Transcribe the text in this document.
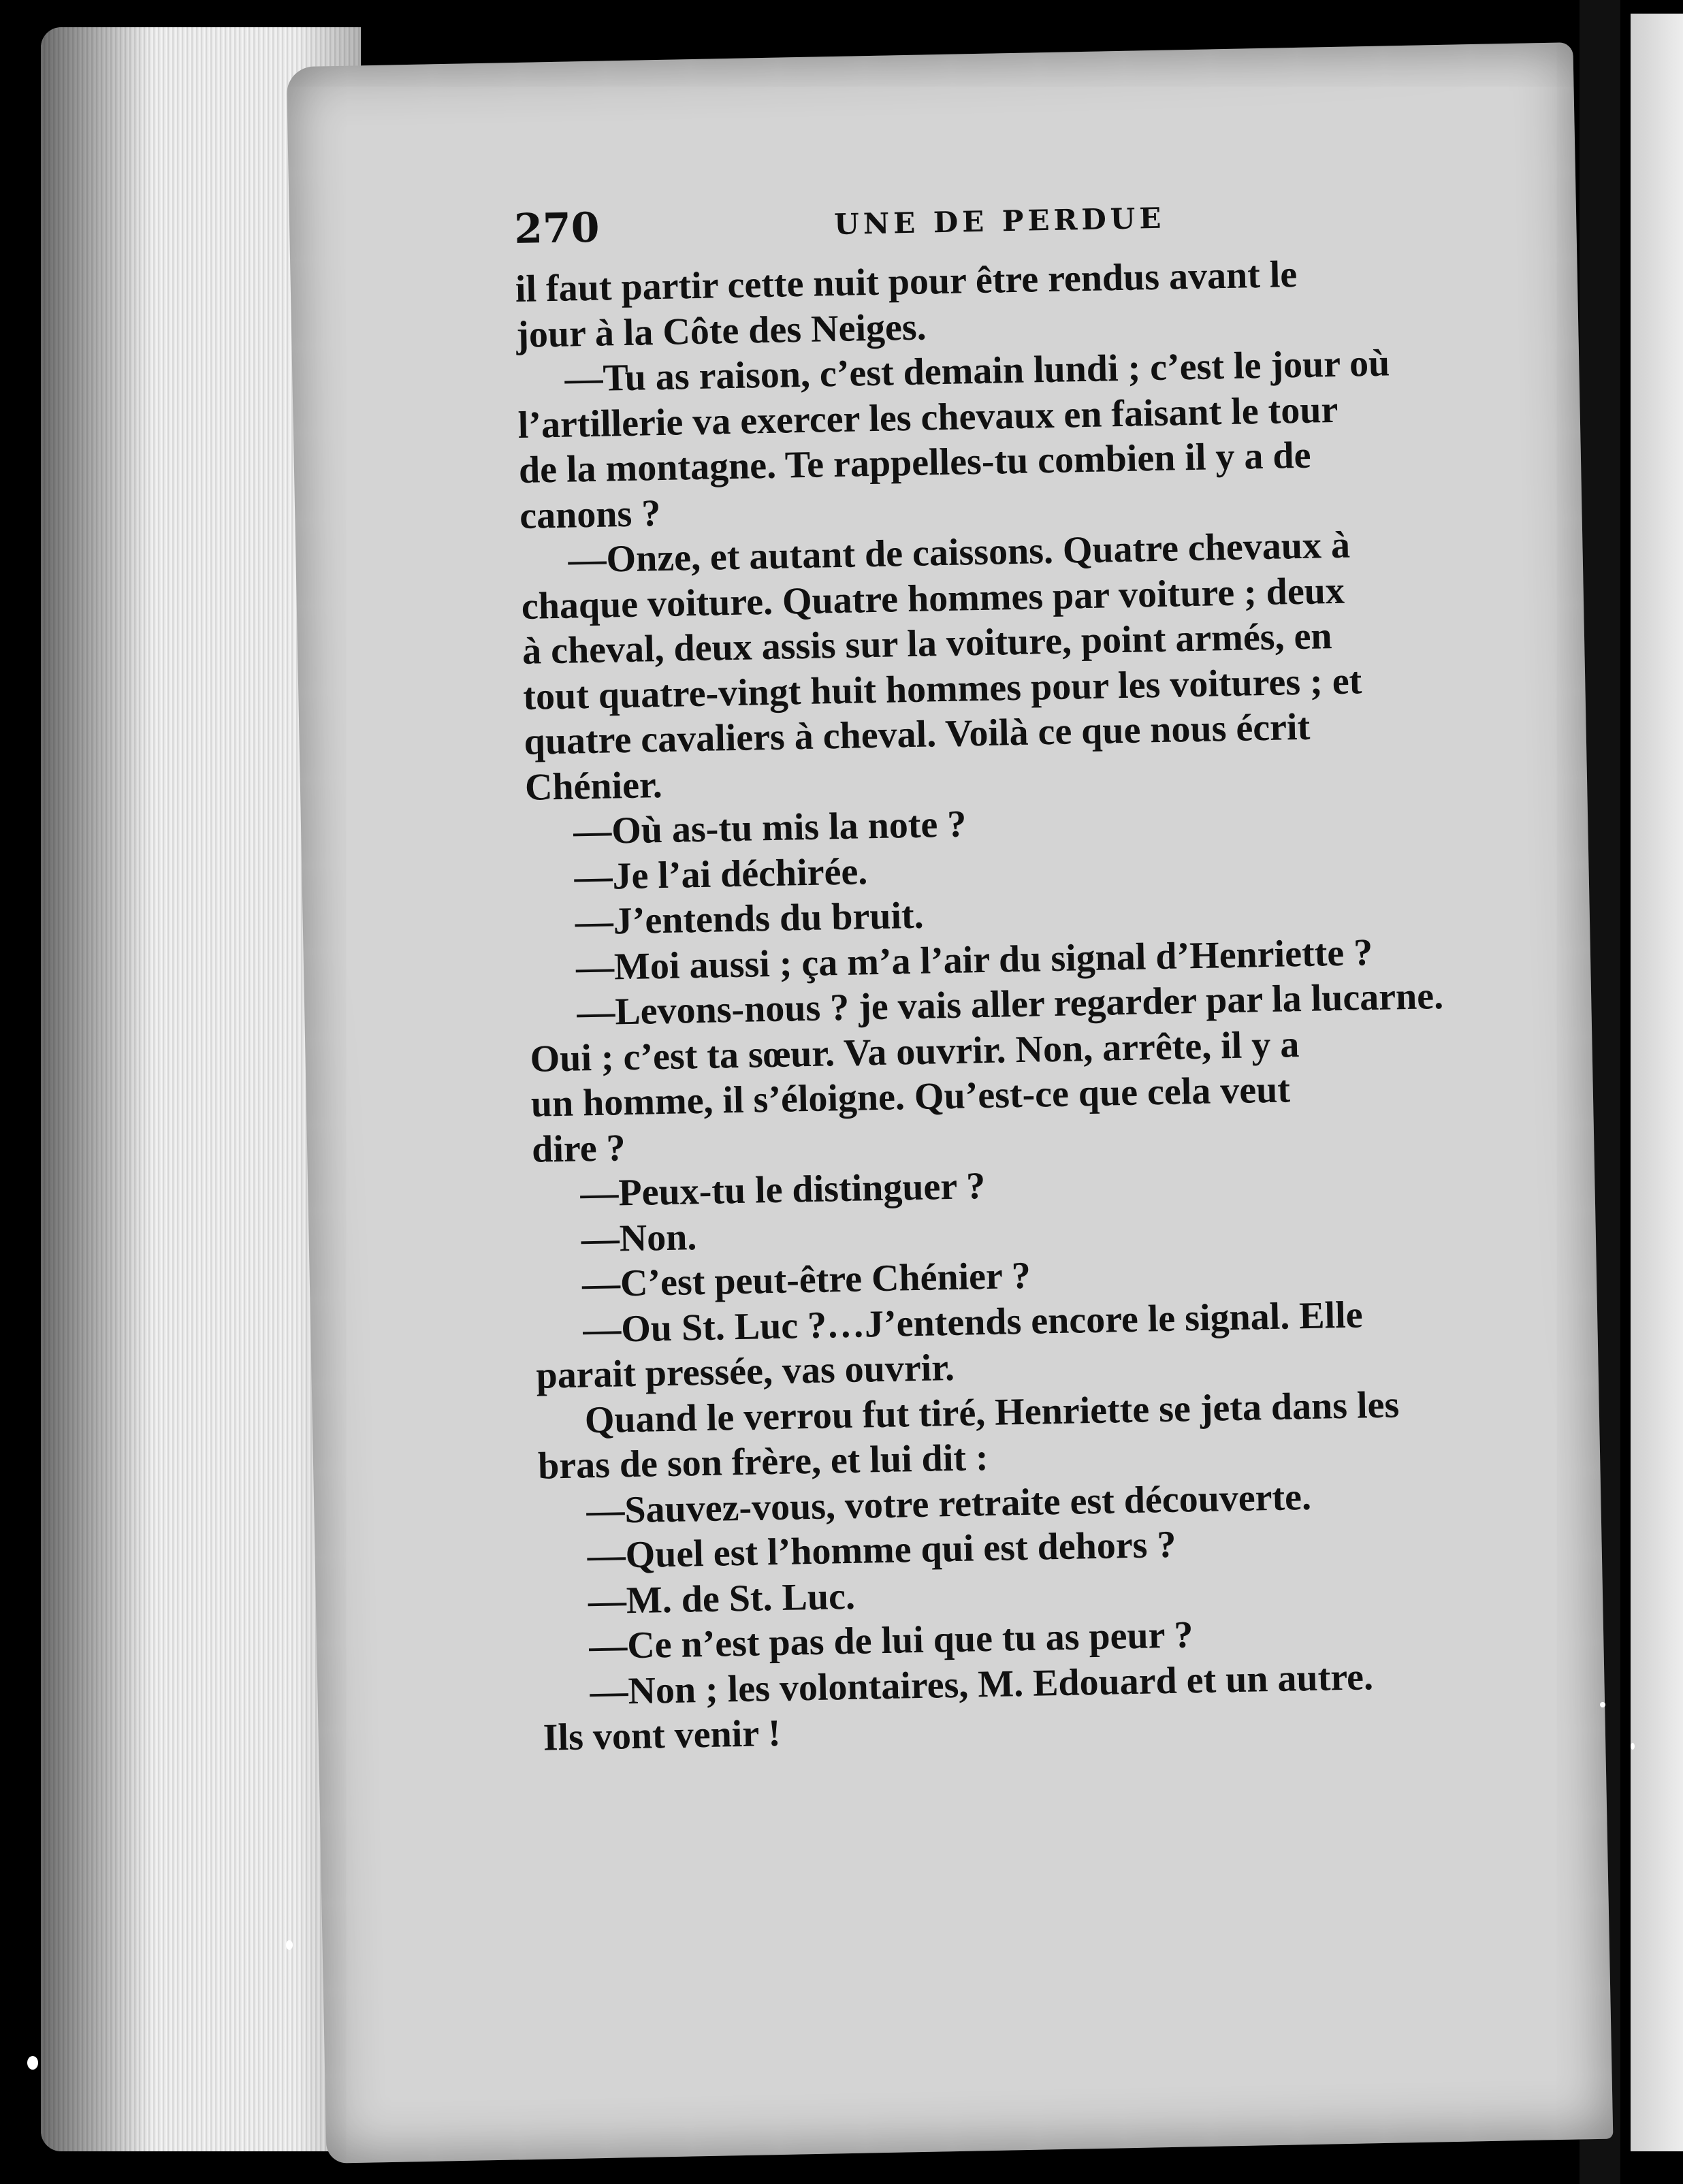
270	UNE DE PERDUE
il faut partir cette nuit pour être rendus avant le
jour à la Côte des Neiges.
—Tu as raison, c’est demain lundi ; c’est le jour où
l’artillerie va exercer les chevaux en faisant le tour
de la montagne. Te rappelles-tu combien il y a de
canons ?
—Onze, et autant de caissons. Quatre chevaux à
chaque voiture. Quatre hommes par voiture ; deux
à cheval, deux assis sur la voiture, point armés, en
tout quatre-vingt huit hommes pour les voitures ; et
quatre cavaliers à cheval. Voilà ce que nous écrit
Chénier.
—Où as-tu mis la note ?
—Je l’ai déchirée.
—J’entends du bruit.
—Moi aussi ; ça m’a l’air du signal d’Henriette ?
—Levons-nous ? je vais aller regarder par la lucarne.
Oui ; c’est ta sœur. Va ouvrir. Non, arrête, il y a
un homme, il s’éloigne. Qu’est-ce que cela veut
dire ?
—Peux-tu le distinguer ?
—Non.
—C’est peut-être Chénier ?
—Ou St. Luc ?…J’entends encore le signal. Elle
parait pressée, vas ouvrir.
Quand le verrou fut tiré, Henriette se jeta dans les
bras de son frère, et lui dit :
—Sauvez-vous, votre retraite est découverte.
—Quel est l’homme qui est dehors ?
—M. de St. Luc.
—Ce n’est pas de lui que tu as peur ?
—Non ; les volontaires, M. Edouard et un autre.
Ils vont venir !
